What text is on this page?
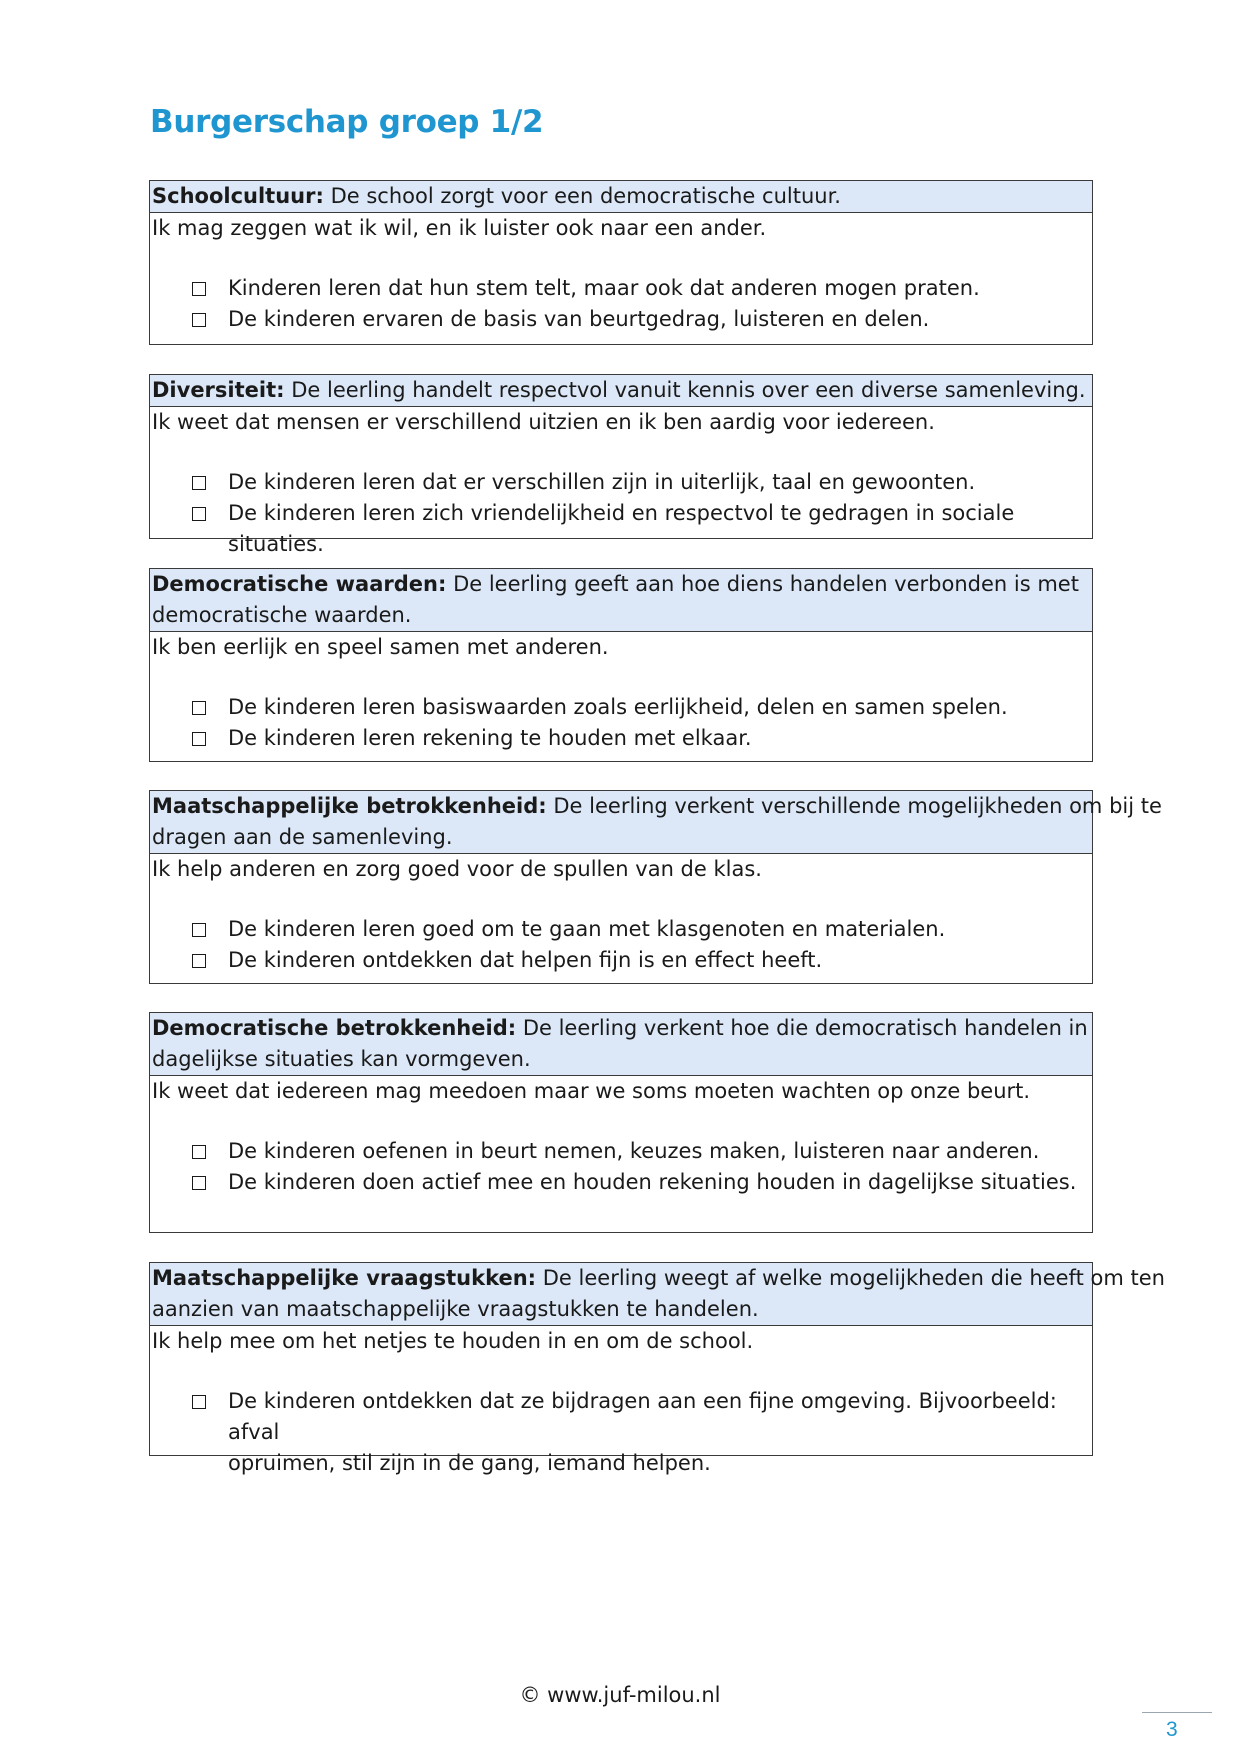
Burgerschap groep 1/2
Schoolcultuur: De school zorgt voor een democratische cultuur.
Ik mag zeggen wat ik wil, en ik luister ook naar een ander.
Kinderen leren dat hun stem telt, maar ook dat anderen mogen praten.
De kinderen ervaren de basis van beurtgedrag, luisteren en delen.
Diversiteit: De leerling handelt respectvol vanuit kennis over een diverse samenleving.
Ik weet dat mensen er verschillend uitzien en ik ben aardig voor iedereen.
De kinderen leren dat er verschillen zijn in uiterlijk, taal en gewoonten.
De kinderen leren zich vriendelijkheid en respectvol te gedragen in sociale situaties.
Democratische waarden: De leerling geeft aan hoe diens handelen verbonden is met
democratische waarden.
Ik ben eerlijk en speel samen met anderen.
De kinderen leren basiswaarden zoals eerlijkheid, delen en samen spelen.
De kinderen leren rekening te houden met elkaar.
Maatschappelijke betrokkenheid: De leerling verkent verschillende mogelijkheden om bij te
dragen aan de samenleving.
Ik help anderen en zorg goed voor de spullen van de klas.
De kinderen leren goed om te gaan met klasgenoten en materialen.
De kinderen ontdekken dat helpen fijn is en effect heeft.
Democratische betrokkenheid: De leerling verkent hoe die democratisch handelen in
dagelijkse situaties kan vormgeven.
Ik weet dat iedereen mag meedoen maar we soms moeten wachten op onze beurt.
De kinderen oefenen in beurt nemen, keuzes maken, luisteren naar anderen.
De kinderen doen actief mee en houden rekening houden in dagelijkse situaties.
Maatschappelijke vraagstukken: De leerling weegt af welke mogelijkheden die heeft om ten
aanzien van maatschappelijke vraagstukken te handelen.
Ik help mee om het netjes te houden in en om de school.
De kinderen ontdekken dat ze bijdragen aan een fijne omgeving. Bijvoorbeeld: afval
opruimen, stil zijn in de gang, iemand helpen.
© www.juf-milou.nl
3
